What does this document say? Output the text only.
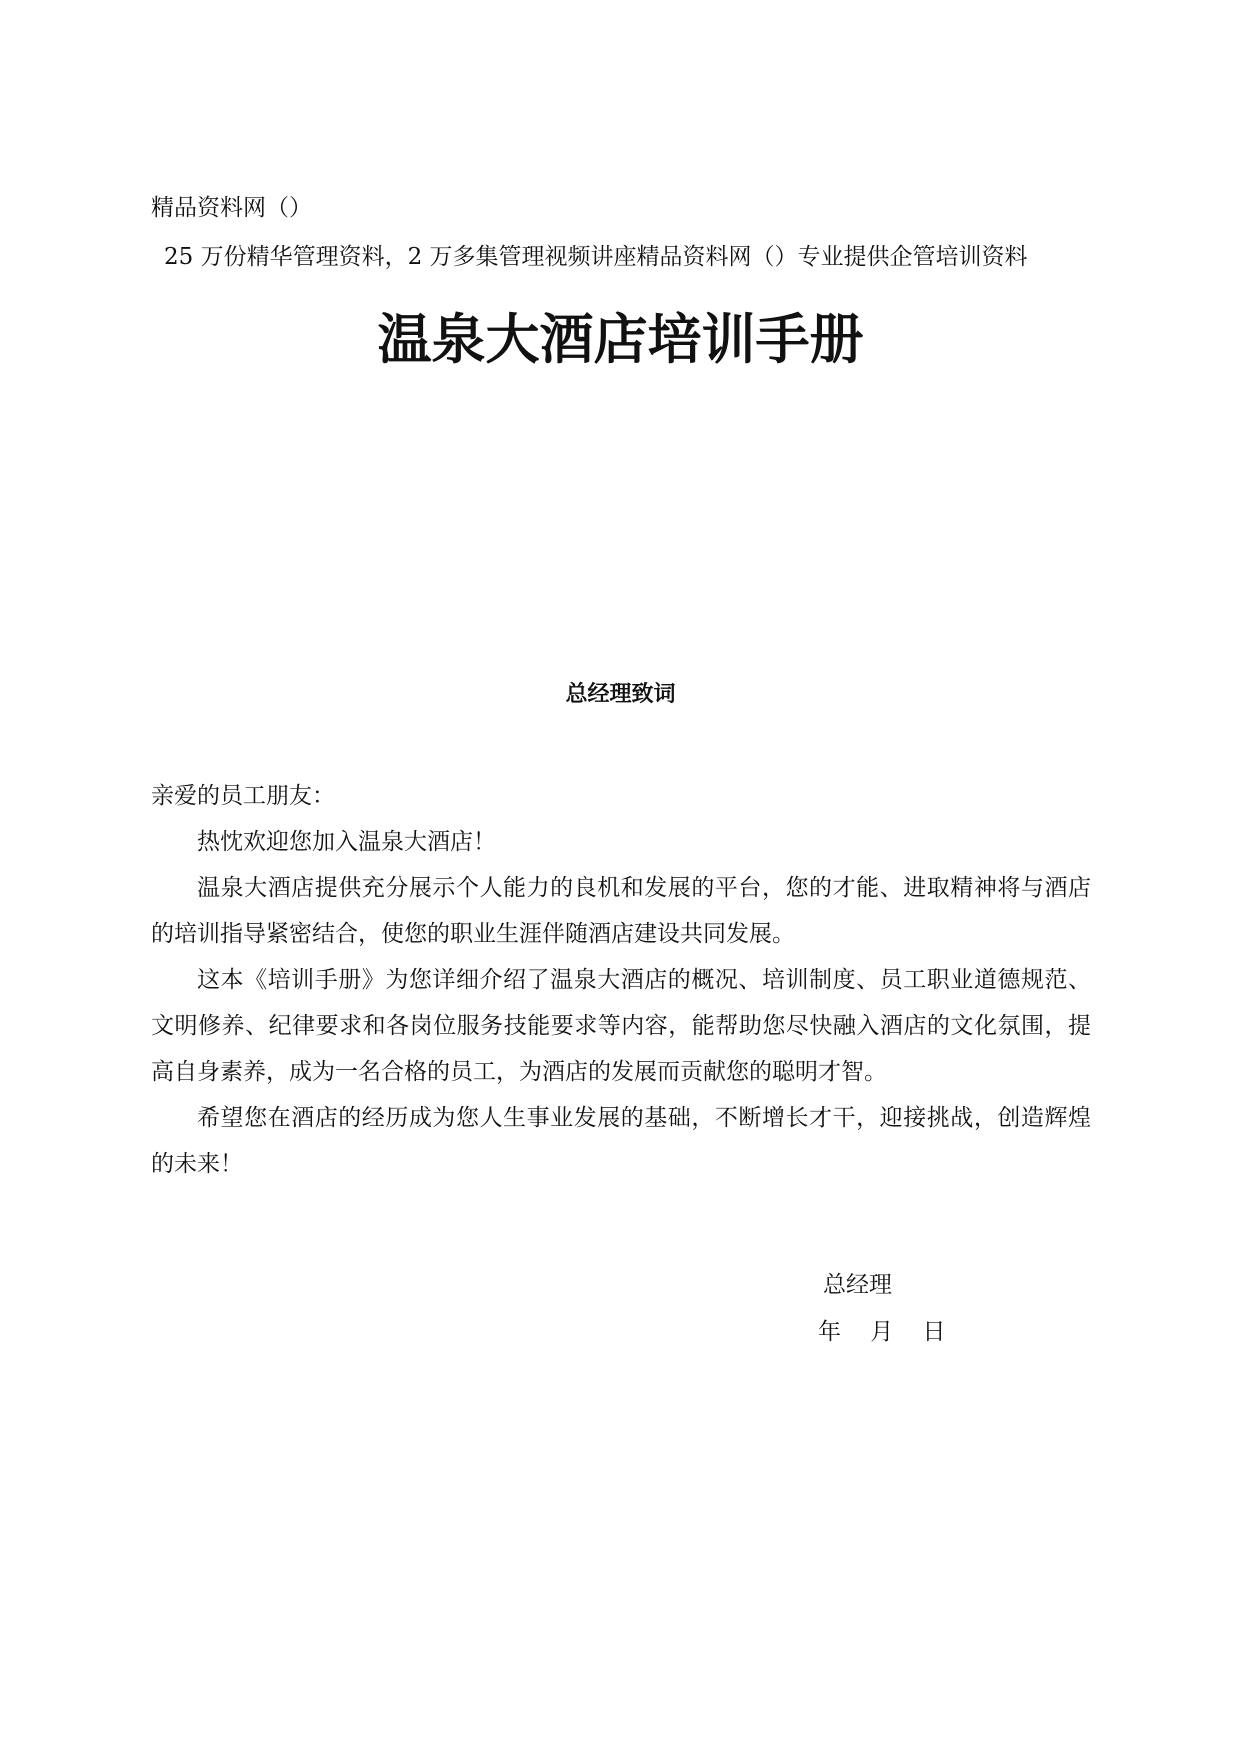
精品资料网（）
25 万份精华管理资料，2 万多集管理视频讲座精品资料网（）专业提供企管培训资料
温泉大酒店培训手册
总经理致词

亲爱的员工朋友：

热忱欢迎您加入温泉大酒店！

温泉大酒店提供充分展示个人能力的良机和发展的平台，您的才能、进取精神将与酒店的培训指导紧密结合，使您的职业生涯伴随酒店建设共同发展。

这本《培训手册》为您详细介绍了温泉大酒店的概况、培训制度、员工职业道德规范、文明修养、纪律要求和各岗位服务技能要求等内容，能帮助您尽快融入酒店的文化氛围，提高自身素养，成为一名合格的员工，为酒店的发展而贡献您的聪明才智。

希望您在酒店的经历成为您人生事业发展的基础，不断增长才干，迎接挑战，创造辉煌的未来！

总经理
年    月    日
